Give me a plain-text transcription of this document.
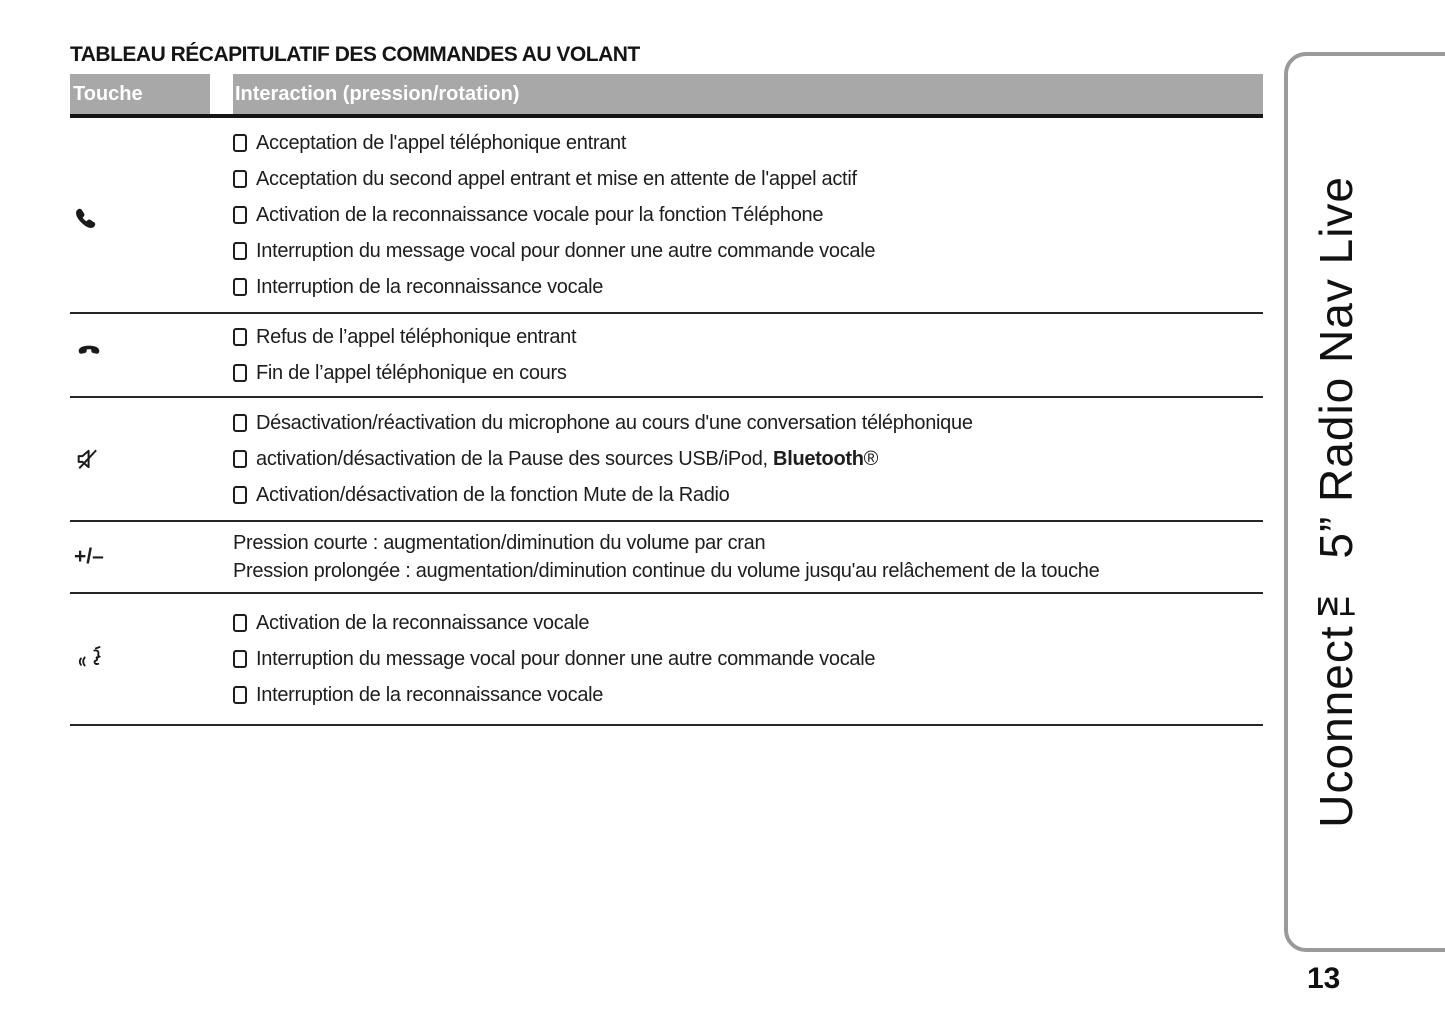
TABLEAU RÉCAPITULATIF DES COMMANDES AU VOLANT
Touche	Interaction (pression/rotation)
Acceptation de l'appel téléphonique entrant
Acceptation du second appel entrant et mise en attente de l'appel actif
Activation de la reconnaissance vocale pour la fonction Téléphone
Interruption du message vocal pour donner une autre commande vocale
Interruption de la reconnaissance vocale
Refus de l’appel téléphonique entrant
Fin de l’appel téléphonique en cours
Désactivation/réactivation du microphone au cours d'une conversation téléphonique
activation/désactivation de la Pause des sources USB/iPod, Bluetooth®
Activation/désactivation de la fonction Mute de la Radio
+/–
Pression courte : augmentation/diminution du volume par cran
Pression prolongée : augmentation/diminution continue du volume jusqu'au relâchement de la touche
Activation de la reconnaissance vocale
Interruption du message vocal pour donner une autre commande vocale
Interruption de la reconnaissance vocale	Uconnect™ 5” Radio Nav Live
13
